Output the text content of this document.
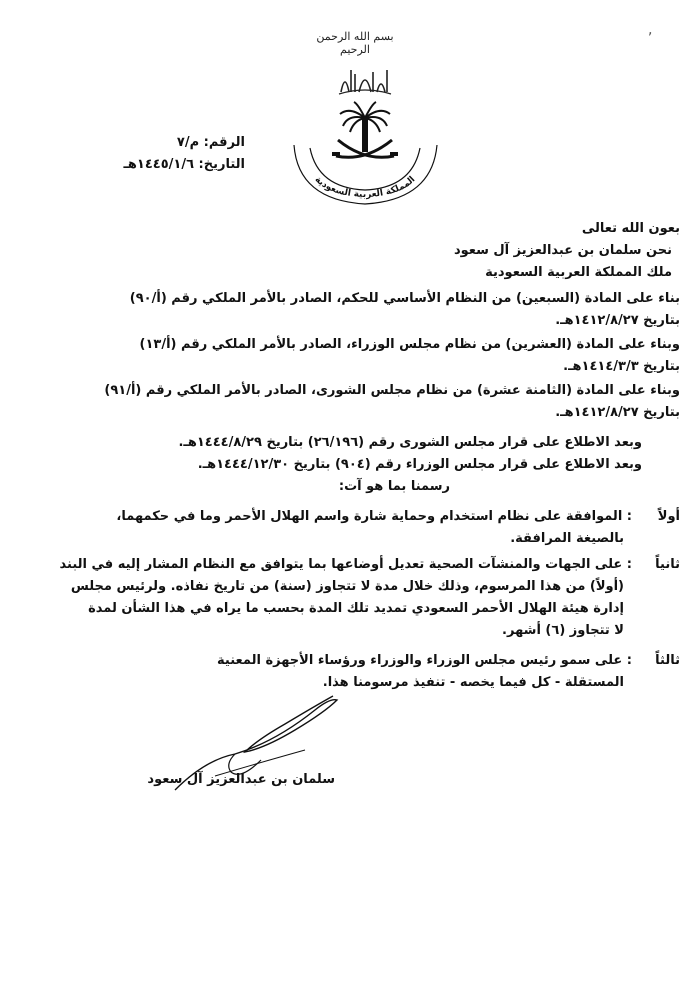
,
بسم الله الرحمن الرحيم
المملكة العربية السعودية
الرقم: م/٧
التاريخ: ١٤٤٥/١/٦هـ
بعون الله تعالى
نحن سلمان بن عبدالعزيز آل سعود
ملك المملكة العربية السعودية
بناء على المادة (السبعين) من النظام الأساسي للحكم، الصادر بالأمر الملكي رقم (أ/٩٠)
بتاريخ ١٤١٢/٨/٢٧هـ.
وبناء على المادة (العشرين) من نظام مجلس الوزراء، الصادر بالأمر الملكي رقم (أ/١٣)
بتاريخ ١٤١٤/٣/٣هـ.
وبناء على المادة (الثامنة عشرة) من نظام مجلس الشورى، الصادر بالأمر الملكي رقم (أ/٩١)
بتاريخ ١٤١٢/٨/٢٧هـ.
وبعد الاطلاع على قرار مجلس الشورى رقم (٢٦/١٩٦) بتاريخ ١٤٤٤/٨/٢٩هـ.
وبعد الاطلاع على قرار مجلس الوزراء رقم (٩٠٤) بتاريخ ١٤٤٤/١٢/٣٠هـ.
رسمنا بما هو آت:
أولاً
: الموافقة على نظام استخدام وحماية شارة واسم الهلال الأحمر وما في حكمهما،
بالصيغة المرافقة.
ثانياً
: على الجهات والمنشآت الصحية تعديل أوضاعها بما يتوافق مع النظام المشار إليه في البند
(أولاً) من هذا المرسوم، وذلك خلال مدة لا تتجاوز (سنة) من تاريخ نفاذه. ولرئيس مجلس
إدارة هيئة الهلال الأحمر السعودي تمديد تلك المدة بحسب ما يراه في هذا الشأن لمدة
لا تتجاوز (٦) أشهر.
ثالثاً
: على سمو رئيس مجلس الوزراء والوزراء ورؤساء الأجهزة المعنية
المستقلة - كل فيما يخصه - تنفيذ مرسومنا هذا.
سلمان بن عبدالعزيز آل سعود
